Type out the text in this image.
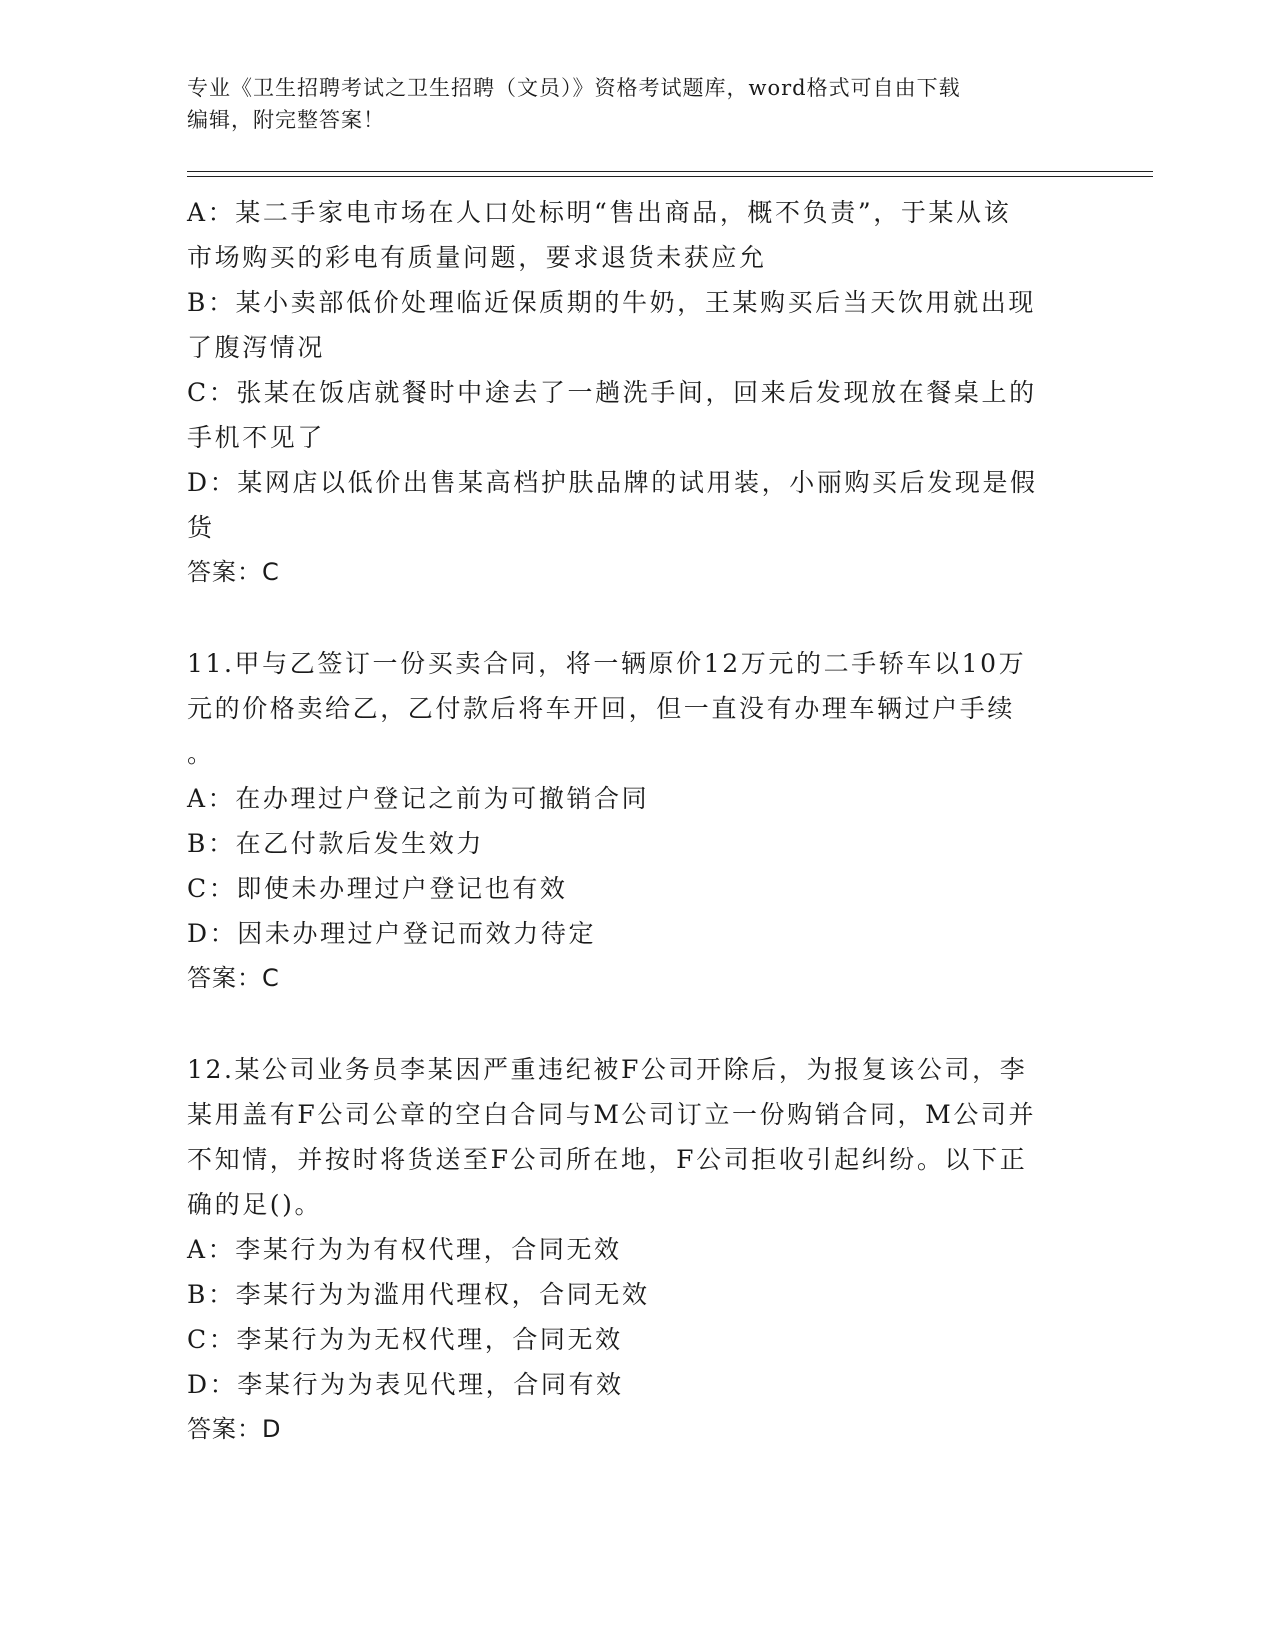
专业《卫生招聘考试之卫生招聘（文员）》资格考试题库，word格式可自由下载
编辑，附完整答案！
A：某二手家电市场在人口处标明“售出商品，概不负责”，于某从该
市场购买的彩电有质量问题，要求退货未获应允
B：某小卖部低价处理临近保质期的牛奶，王某购买后当天饮用就出现
了腹泻情况
C：张某在饭店就餐时中途去了一趟洗手间，回来后发现放在餐桌上的
手机不见了
D：某网店以低价出售某高档护肤品牌的试用装，小丽购买后发现是假
货
答案：C
11.甲与乙签订一份买卖合同，将一辆原价12万元的二手轿车以10万
元的价格卖给乙，乙付款后将车开回，但一直没有办理车辆过户手续
。
A：在办理过户登记之前为可撤销合同
B：在乙付款后发生效力
C：即使未办理过户登记也有效
D：因未办理过户登记而效力待定
答案：C
12.某公司业务员李某因严重违纪被F公司开除后，为报复该公司，李
某用盖有F公司公章的空白合同与M公司订立一份购销合同，M公司并
不知情，并按时将货送至F公司所在地，F公司拒收引起纠纷。以下正
确的足()。
A：李某行为为有权代理，合同无效
B：李某行为为滥用代理权，合同无效
C：李某行为为无权代理，合同无效
D：李某行为为表见代理，合同有效
答案：D
